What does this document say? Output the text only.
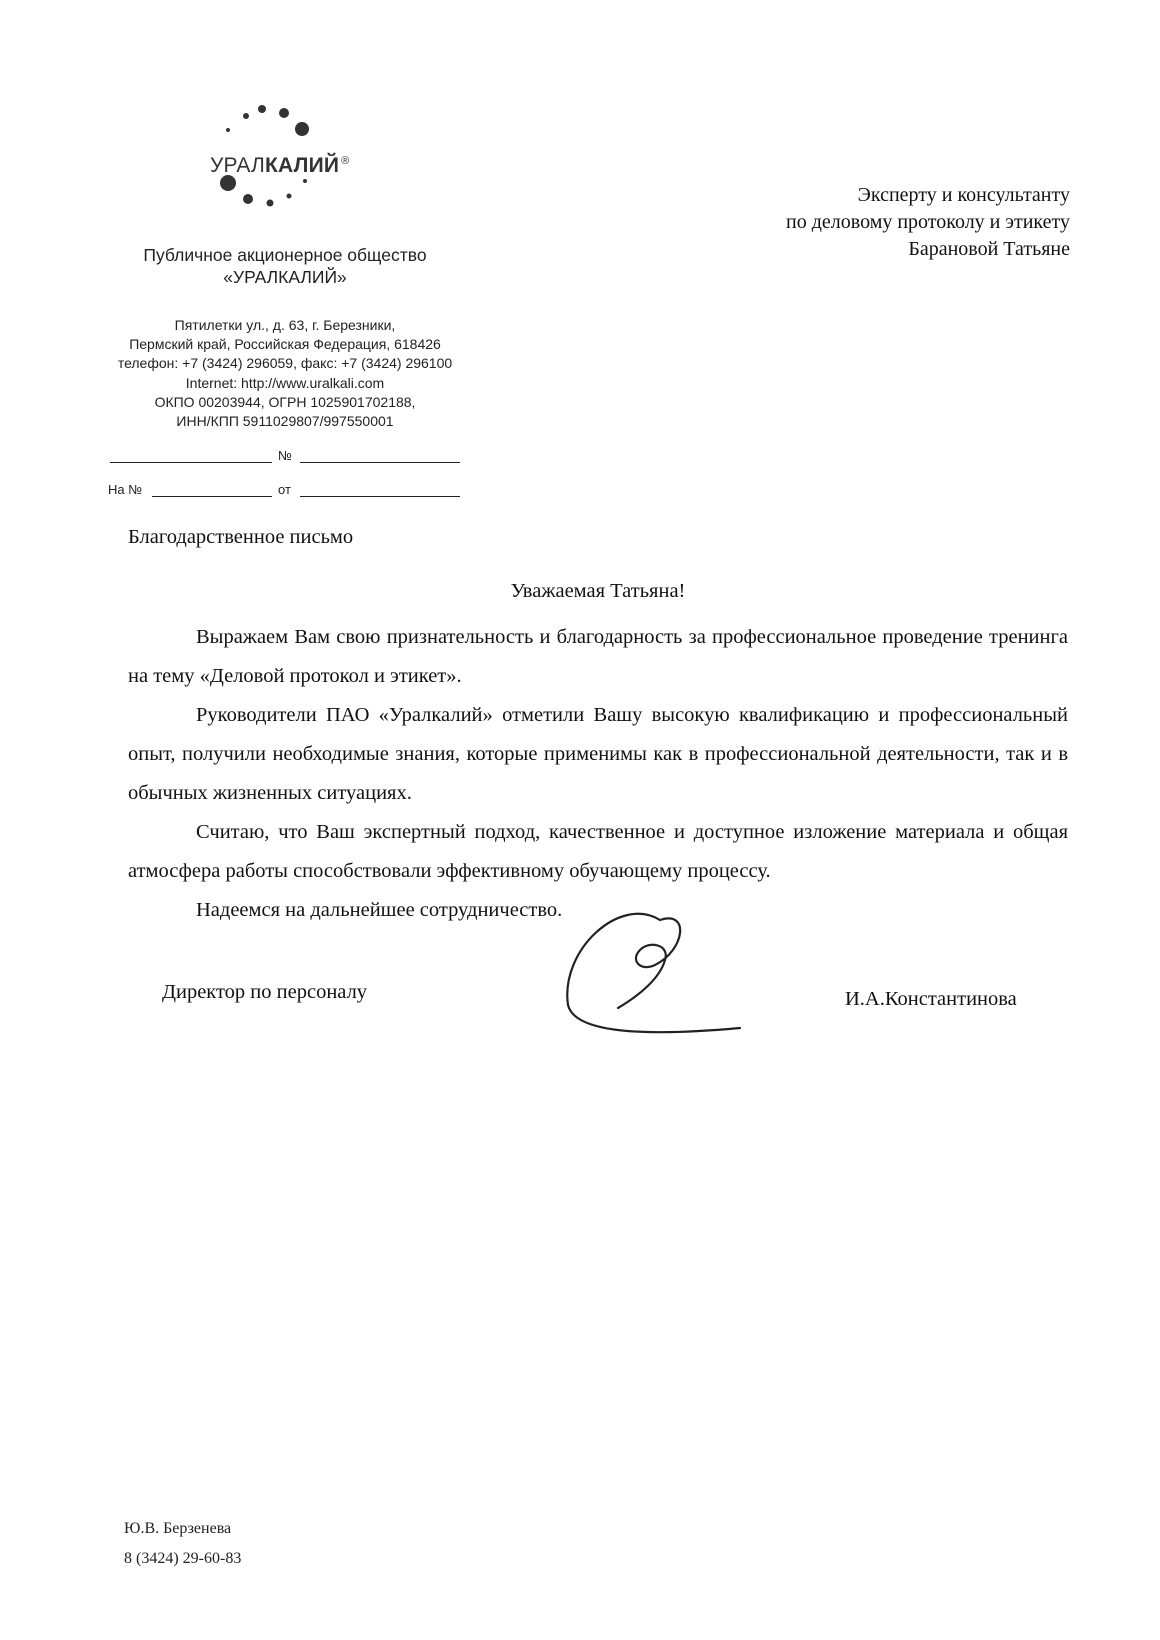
УРАЛКАЛИЙ ®
Публичное акционерное общество
«УРАЛКАЛИЙ»
Пятилетки ул., д. 63, г. Березники,
Пермский край, Российская Федерация, 618426
телефон: +7 (3424) 296059, факс: +7 (3424) 296100
Internet: http://www.uralkali.com
ОКПО 00203944, ОГРН 1025901702188,
ИНН/КПП 5911029807/997550001
№
На №	от
Эксперту и консультанту
по деловому протоколу и этикету
Барановой Татьяне
Благодарственное письмо
Уважаемая Татьяна!

Выражаем Вам свою признательность и благодарность за профессиональное проведение тренинга на тему «Деловой протокол и этикет».

Руководители ПАО «Уралкалий» отметили Вашу высокую квалификацию и профессиональный опыт, получили необходимые знания, которые применимы как в профессиональной деятельности, так и в обычных жизненных ситуациях.

Считаю, что Ваш экспертный подход, качественное и доступное изложение материала и общая атмосфера работы способствовали эффективному обучающему процессу.

Надеемся на дальнейшее сотрудничество.

Директор по персоналу	И.А.Константинова
Ю.В. Берзенева
8 (3424) 29-60-83
